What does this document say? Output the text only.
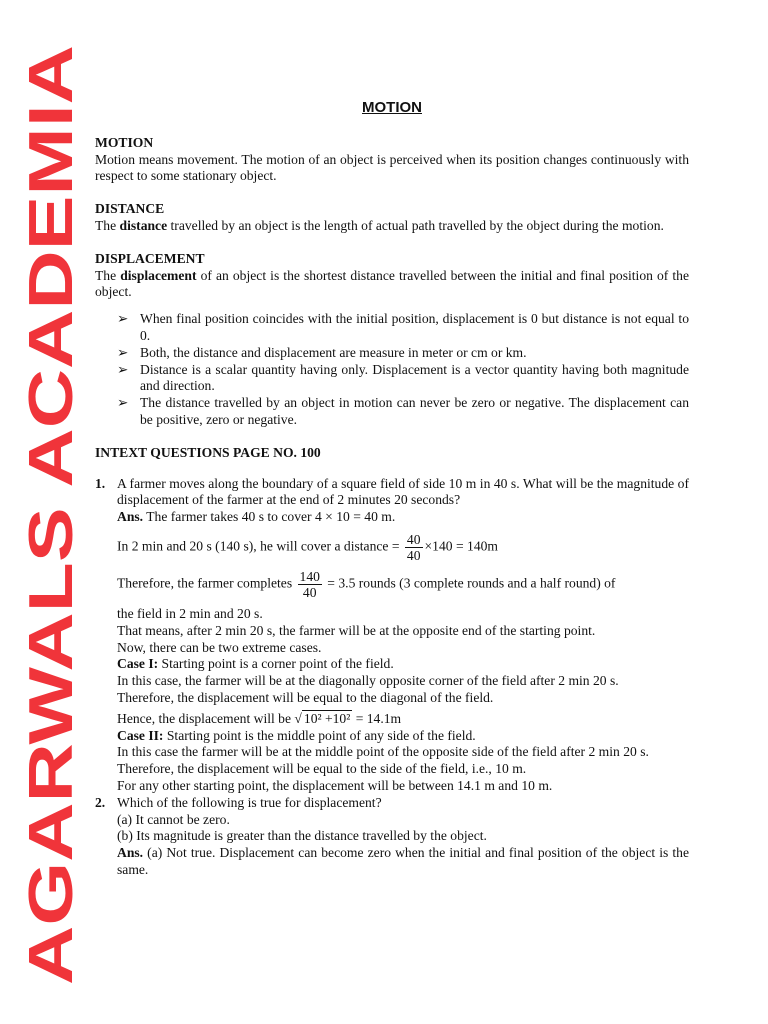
MOTION
MOTION

Motion means movement. The motion of an object is perceived when its position changes continuously with respect to some stationary object.

DISTANCE

The distance travelled by an object is the length of actual path travelled by the object during the motion.

DISPLACEMENT

The displacement of an object is the shortest distance travelled between the initial and final position of the object.

➢ When final position coincides with the initial position, displacement is 0 but distance is not equal to 0.
➢ Both, the distance and displacement are measure in meter or cm or km.
➢ Distance is a scalar quantity having only. Displacement is a vector quantity having both magnitude and direction.
➢ The distance travelled by an object in motion can never be zero or negative. The displacement can be positive, zero or negative.
INTEXT QUESTIONS PAGE NO. 100
1. A farmer moves along the boundary of a square field of side 10 m in 40 s. What will be the magnitude of displacement of the farmer at the end of 2 minutes 20 seconds?

Ans. The farmer takes 40 s to cover 4 × 10 = 40 m.
In 2 min and 20 s (140 s), he will cover a distance = $\frac{40}{40} \times 140 = 140m$
Therefore, the farmer completes $\frac{140}{40} = 3.5$ rounds (3 complete rounds and a half round) of
the field in 2 min and 20 s.
That means, after 2 min 20 s, the farmer will be at the opposite end of the starting point.
Now, there can be two extreme cases.
Case I: Starting point is a corner point of the field.
In this case, the farmer will be at the diagonally opposite corner of the field after 2 min 20 s.
Therefore, the displacement will be equal to the diagonal of the field.
Hence, the displacement will be √ 10² +10² = 14.1m
Case II: Starting point is the middle point of any side of the field.
In this case the farmer will be at the middle point of the opposite side of the field after 2 min 20 s.
Therefore, the displacement will be equal to the side of the field, i.e., 10 m.
For any other starting point, the displacement will be between 14.1 m and 10 m.
2. Which of the following is true for displacement?
(a) It cannot be zero.
(b) Its magnitude is greater than the distance travelled by the object.

Ans. (a) Not true. Displacement can become zero when the initial and final position of the object is the same.

AGARWALS ACADEMIA
